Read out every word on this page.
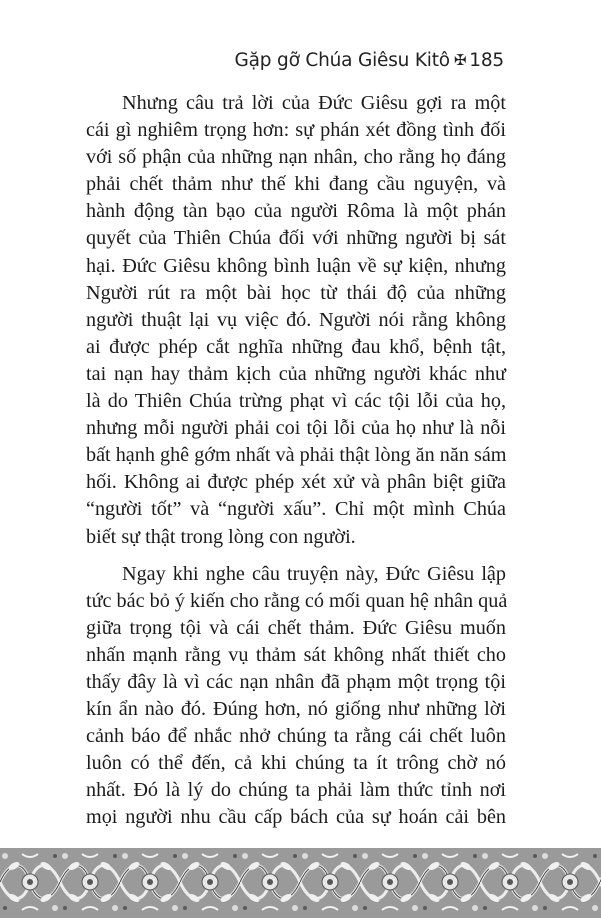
Gặp gỡ Chúa Giêsu Kitô ✠ 185
Nhưng câu trả lời của Đức Giêsu gợi ra một
cái gì nghiêm trọng hơn: sự phán xét đồng tình đối
với số phận của những nạn nhân, cho rằng họ đáng
phải chết thảm như thế khi đang cầu nguyện, và
hành động tàn bạo của người Rôma là một phán
quyết của Thiên Chúa đối với những người bị sát
hại. Đức Giêsu không bình luận về sự kiện, nhưng
Người rút ra một bài học từ thái độ của những
người thuật lại vụ việc đó. Người nói rằng không
ai được phép cắt nghĩa những đau khổ, bệnh tật,
tai nạn hay thảm kịch của những người khác như
là do Thiên Chúa trừng phạt vì các tội lỗi của họ,
nhưng mỗi người phải coi tội lỗi của họ như là nỗi
bất hạnh ghê gớm nhất và phải thật lòng ăn năn sám
hối. Không ai được phép xét xử và phân biệt giữa
“người tốt” và “người xấu”. Chỉ một mình Chúa
biết sự thật trong lòng con người.
Ngay khi nghe câu truyện này, Đức Giêsu lập
tức bác bỏ ý kiến cho rằng có mối quan hệ nhân quả
giữa trọng tội và cái chết thảm. Đức Giêsu muốn
nhấn mạnh rằng vụ thảm sát không nhất thiết cho
thấy đây là vì các nạn nhân đã phạm một trọng tội
kín ẩn nào đó. Đúng hơn, nó giống như những lời
cảnh báo để nhắc nhở chúng ta rằng cái chết luôn
luôn có thể đến, cả khi chúng ta ít trông chờ nó
nhất. Đó là lý do chúng ta phải làm thức tỉnh nơi
mọi người nhu cầu cấp bách của sự hoán cải bên
